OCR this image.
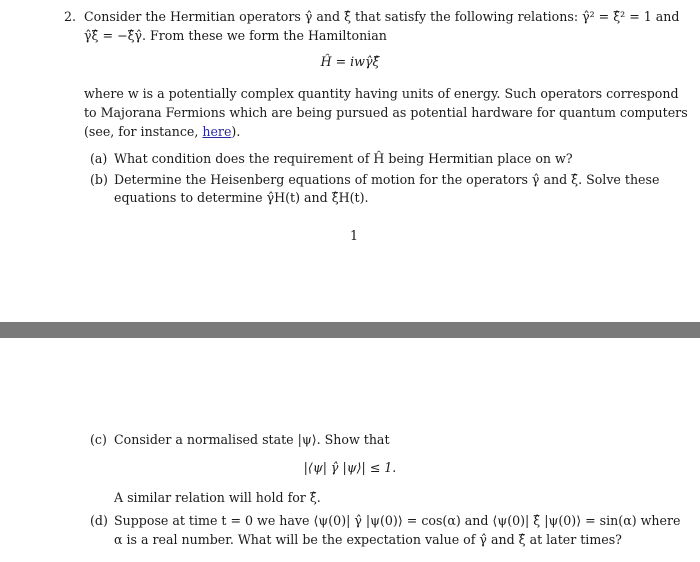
2. Consider the Hermitian operators γ̂ and ξ̂ that satisfy the following relations: γ̂² = ξ̂² = 1 and
γ̂ξ̂ = −ξ̂γ̂. From these we form the Hamiltonian
Ĥ = iwγ̂ξ̂
where w is a potentially complex quantity having units of energy. Such operators correspond
to Majorana Fermions which are being pursued as potential hardware for quantum computers
(see, for instance, here).
(a) What condition does the requirement of Ĥ being Hermitian place on w?
(b) Determine the Heisenberg equations of motion for the operators γ̂ and ξ̂. Solve these
equations to determine γ̂H(t) and ξ̂H(t).
1
(c) Consider a normalised state |ψ⟩. Show that
|⟨ψ| γ̂ |ψ⟩| ≤ 1.
A similar relation will hold for ξ̂.
(d) Suppose at time t = 0 we have ⟨ψ(0)| γ̂ |ψ(0)⟩ = cos(α) and ⟨ψ(0)| ξ̂ |ψ(0)⟩ = sin(α) where
α is a real number. What will be the expectation value of γ̂ and ξ̂ at later times?
